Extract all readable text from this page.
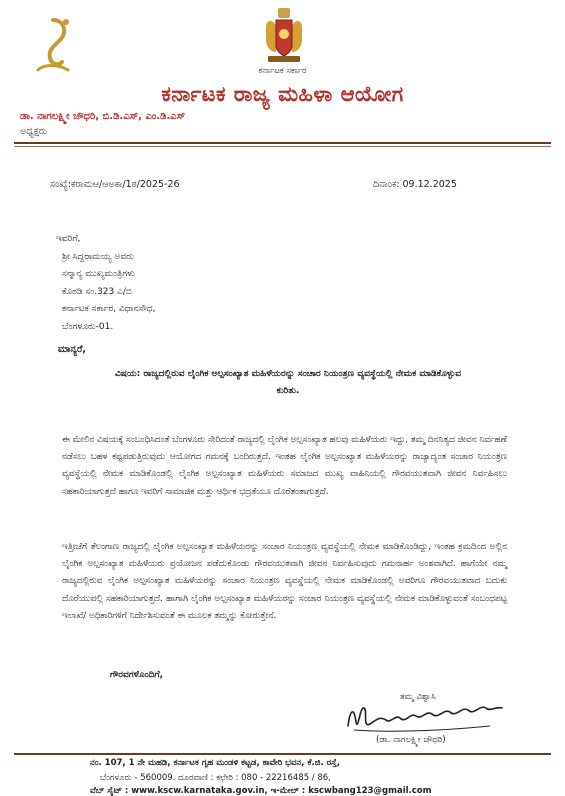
ಕರ್ನಾಟಕ ಸರ್ಕಾರ
ಕರ್ನಾಟಕ ರಾಜ್ಯ ಮಹಿಳಾ ಆಯೋಗ
ಡಾ. ನಾಗಲಕ್ಷ್ಮೀ ಚೌಧರಿ, ಬಿ.ಡಿ.ಎಸ್, ಎಂ.ಡಿ.ಎಸ್
ಅಧ್ಯಕ್ಷರು
ಸಂಖ್ಯೆ:ಕರಾಮಆ/ಆಅಕಾ/1ಠ/2025-26	ದಿನಾಂಕ: 09.12.2025
ಇವರಿಗೆ,
ಶ್ರೀ ಸಿದ್ದರಾಮಯ್ಯ ಅವರು
ಸನ್ಮಾನ್ಯ ಮುಖ್ಯಮಂತ್ರಿಗಳು
ಕೊಠಡಿ ಸಂ.323 ಎ/ಬಿ
ಕರ್ನಾಟಕ ಸರ್ಕಾರ, ವಿಧಾನಸೌಧ,
ಬೆಂಗಳೂರು-01.
ಮಾನ್ಯರೆ,
ವಿಷಯ: ರಾಜ್ಯದಲ್ಲಿರುವ ಲೈಂಗಿಕ ಅಲ್ಪಸಂಖ್ಯಾತ ಮಹಿಳೆಯರನ್ನು ಸಂಚಾರ ನಿಯಂತ್ರಣ ವ್ಯವಸ್ಥೆಯಲ್ಲಿ ನೇಮಕ ಮಾಡಿಕೊಳ್ಳುವ ಕುರಿತು.
ಈ ಮೇಲಿನ ವಿಷಯಕ್ಕೆ ಸಂಬಂಧಿಸಿದಂತೆ ಬೆಂಗಳೂರು ಸೇರಿದಂತೆ ರಾಜ್ಯದಲ್ಲಿ ಲೈಂಗಿಕ ಅಲ್ಪಸಂಖ್ಯಾತ ಹಲವು ಮಹಿಳೆಯರು ಇದ್ದು, ತಮ್ಮ ದಿನನಿತ್ಯದ ಜೀವನ ನಿರ್ವಹಣೆ ನಡೆಸಲು ಬಹಳ ಕಷ್ಟಪಡುತ್ತಿರುವುದು ಆಯೋಗದ ಗಮನಕ್ಕೆ ಬಂದಿರುತ್ತದೆ. ಇಂತಹ ಲೈಂಗಿಕ ಅಲ್ಪಸಂಖ್ಯಾತ ಮಹಿಳೆಯರನ್ನು ರಾಜ್ಯಾದ್ಯಂತ ಸಂಚಾರ ನಿಯಂತ್ರಣ ವ್ಯವಸ್ಥೆಯಲ್ಲಿ ನೇಮಕ ಮಾಡಿಕೊಂಡಲ್ಲಿ ಲೈಂಗಿಕ ಅಲ್ಪಸಂಖ್ಯಾತ ಮಹಿಳೆಯರು ಸಮಾಜದ ಮುಖ್ಯ ವಾಹಿನಿಯಲ್ಲಿ ಗೌರವಯುತವಾಗಿ ಜೀವನ ನಿರ್ವಹಿಸಲು ಸಹಕಾರಿಯಾಗುತ್ತದೆ ಹಾಗೂ ಇವರಿಗೆ ಸಾಮಾಜಿಕ ಮತ್ತು ಆರ್ಥಿಕ ಭದ್ರತೆಯೂ ದೊರೆತಂತಾಗುತ್ತದೆ.
ಇತ್ತೀಚೆಗೆ ತೆಲಂಗಾಣ ರಾಜ್ಯದಲ್ಲಿ ಲೈಂಗಿಕ ಅಲ್ಪಸಂಖ್ಯಾತ ಮಹಿಳೆಯರನ್ನು ಸಂಚಾರ ನಿಯಂತ್ರಣ ವ್ಯವಸ್ಥೆಯಲ್ಲಿ ನೇಮಕ ಮಾಡಿಕೊಂಡಿದ್ದು, ಇಂತಹ ಕ್ರಮದಿಂದ ಅಲ್ಲಿನ ಲೈಂಗಿಕ ಅಲ್ಪಸಂಖ್ಯಾತ ಮಹಿಳೆಯರು ಪ್ರಯೋಜನ ಪಡೆದುಕೊಂಡು ಗೌರವಯುತವಾಗಿ ಜೀವನ ನಿರ್ವಹಿಸುವುದು ಗಮನಾರ್ಹ ಅಂಶವಾಗಿದೆ. ಹಾಗೆಯೇ ನಮ್ಮ ರಾಜ್ಯದಲ್ಲಿರುವ ಲೈಂಗಿಕ ಅಲ್ಪಸಂಖ್ಯಾತ ಮಹಿಳೆಯರನ್ನು ಸಂಚಾರ ನಿಯಂತ್ರಣ ವ್ಯವಸ್ಥೆಯಲ್ಲಿ ನೇಮಕ ಮಾಡಿಕೊಂಡಲ್ಲಿ ಅವರಿಗೂ ಗೌರವಯುತವಾದ ಬದುಕು ದೊರೆಯುವಲ್ಲಿ ಸಹಕಾರಿಯಾಗುತ್ತದೆ. ಹಾಗಾಗಿ ಲೈಂಗಿಕ ಅಲ್ಪಸಂಖ್ಯಾತ ಮಹಿಳೆಯರನ್ನು ಸಂಚಾರ ನಿಯಂತ್ರಣ ವ್ಯವಸ್ಥೆಯಲ್ಲಿ ನೇಮಕ ಮಾಡಿಕೊಳ್ಳುವಂತೆ ಸಂಬಂಧಪಟ್ಟ ಇಲಾಖೆ/ ಅಧಿಕಾರಿಗಳಿಗೆ ನಿರ್ದೇಶಿಸುವಂತೆ ಈ ಮೂಲಕ ತಮ್ಮನ್ನು ಕೋರುತ್ತೇನೆ.
ಗೌರವಗಳೊಂದಿಗೆ,
ತಮ್ಮ ವಿಶ್ವಾಸಿ
(ಡಾ. ನಾಗಲಕ್ಷ್ಮೀ ಚೌಧರಿ)
ನಂ. 107, 1 ನೇ ಮಹಡಿ, ಕರ್ನಾಟಕ ಗೃಹ ಮಂಡಳಿ ಕಟ್ಟಡ, ಕಾವೇರಿ ಭವನ, ಕೆ.ಜಿ. ರಸ್ತೆ,
ಬೆಂಗಳೂರು - 560009. ದೂರವಾಣಿ : ಕಛೇರಿ : 080 - 22216485 / 86,
ವೆಬ್ ಸೈಟ್ : www.kscw.karnataka.gov.in, ಇ-ಮೇಲ್ : kscwbang123@gmail.com
